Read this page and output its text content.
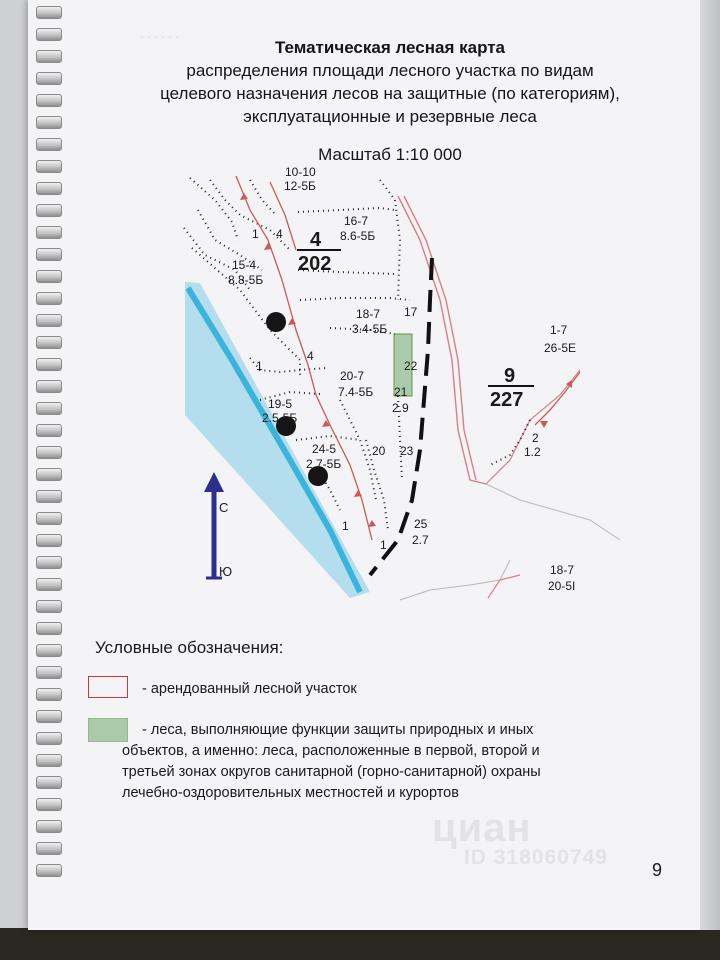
· · · · · ·
Тематическая лесная карта
распределения площади лесного участка по видам
целевого назначения лесов на защитные (по категориям),
эксплуатационные и резервные леса
Масштаб 1:10 000
С
Ю
10-10
12-5Б
16-7
8.6-5Б
1 4 4
202
15-4
8.8-5Б
18-7 17
3.4-5Б
4
1	22
20-7
7.4-5Б 21
2.9
19-5
2.5-5Б
24-5
2.7-5Б
20 23
1	25
2.7
1
1-7
26-5Е
9
227
2
1.2
18-7
20-5І
Условные обозначения:
- арендованный лесной участок
- леса, выполняющие функции защиты природных и иных объектов, а именно: леса, расположенные в первой, второй и третьей зонах округов санитарной (горно-санитарной) охраны лечебно-оздоровительных местностей и курортов
циан
ID 318060749
9
